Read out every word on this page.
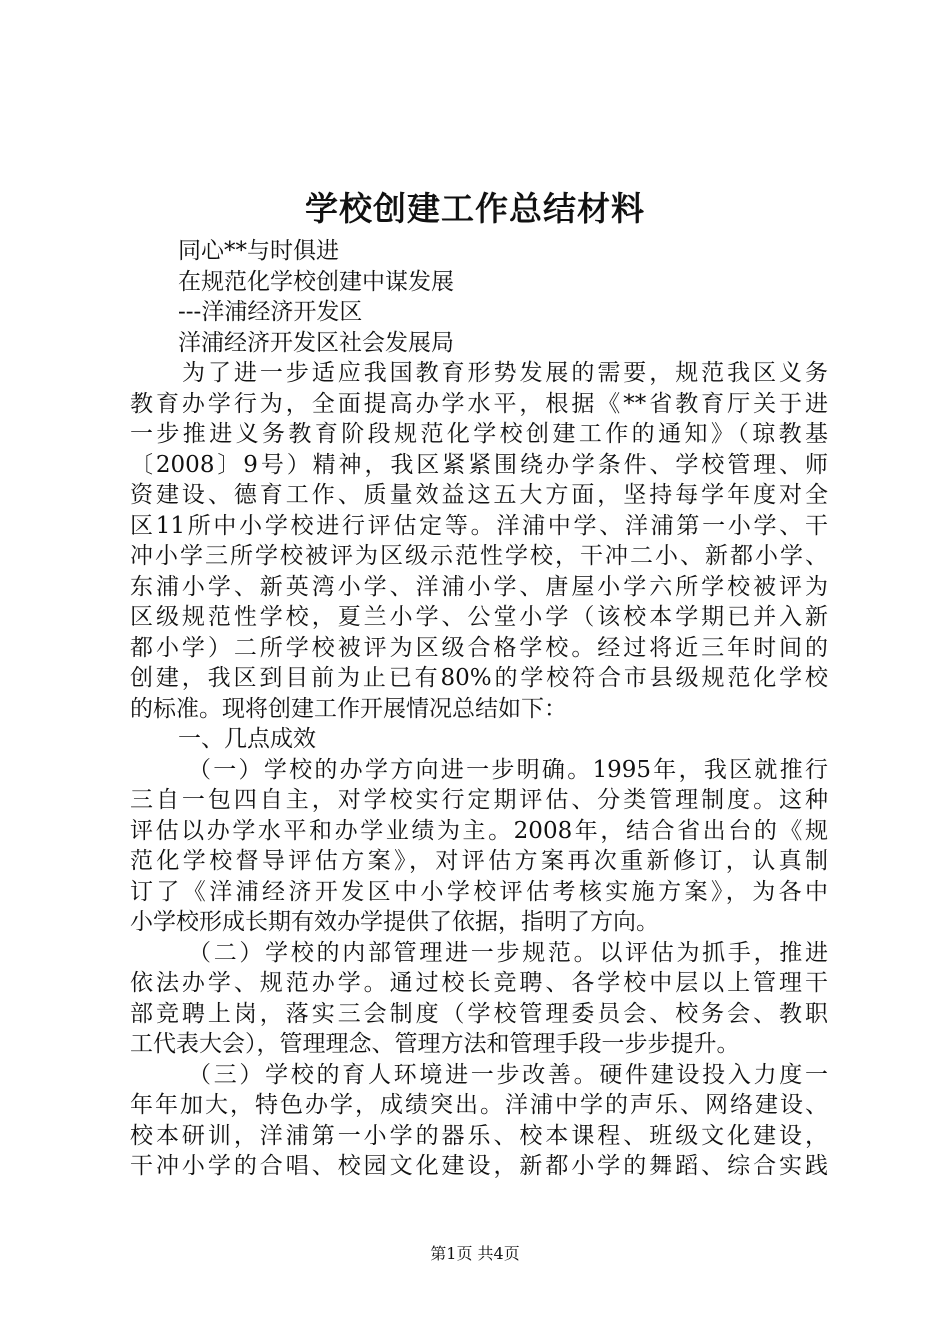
学校创建工作总结材料
同心**与时俱进
在规范化学校创建中谋发展
---洋浦经济开发区
洋浦经济开发区社会发展局
为了进一步适应我国教育形势发展的需要，规范我区义务
教育办学行为，全面提高办学水平，根据《**省教育厅关于进
一步推进义务教育阶段规范化学校创建工作的通知》（琼教基
〔2008〕9号）精神，我区紧紧围绕办学条件、学校管理、师
资建设、德育工作、质量效益这五大方面，坚持每学年度对全
区11所中小学校进行评估定等。洋浦中学、洋浦第一小学、干
冲小学三所学校被评为区级示范性学校，干冲二小、新都小学、
东浦小学、新英湾小学、洋浦小学、唐屋小学六所学校被评为
区级规范性学校，夏兰小学、公堂小学（该校本学期已并入新
都小学）二所学校被评为区级合格学校。经过将近三年时间的
创建，我区到目前为止已有80%的学校符合市县级规范化学校
的标准。现将创建工作开展情况总结如下：
一、几点成效
（一）学校的办学方向进一步明确。1995年，我区就推行
三自一包四自主，对学校实行定期评估、分类管理制度。这种
评估以办学水平和办学业绩为主。2008年，结合省出台的《规
范化学校督导评估方案》，对评估方案再次重新修订，认真制
订了《洋浦经济开发区中小学校评估考核实施方案》，为各中
小学校形成长期有效办学提供了依据，指明了方向。
（二）学校的内部管理进一步规范。以评估为抓手，推进
依法办学、规范办学。通过校长竞聘、各学校中层以上管理干
部竞聘上岗，落实三会制度（学校管理委员会、校务会、教职
工代表大会），管理理念、管理方法和管理手段一步步提升。
（三）学校的育人环境进一步改善。硬件建设投入力度一
年年加大，特色办学，成绩突出。洋浦中学的声乐、网络建设、
校本研训，洋浦第一小学的器乐、校本课程、班级文化建设，
干冲小学的合唱、校园文化建设，新都小学的舞蹈、综合实践
第1页 共4页
